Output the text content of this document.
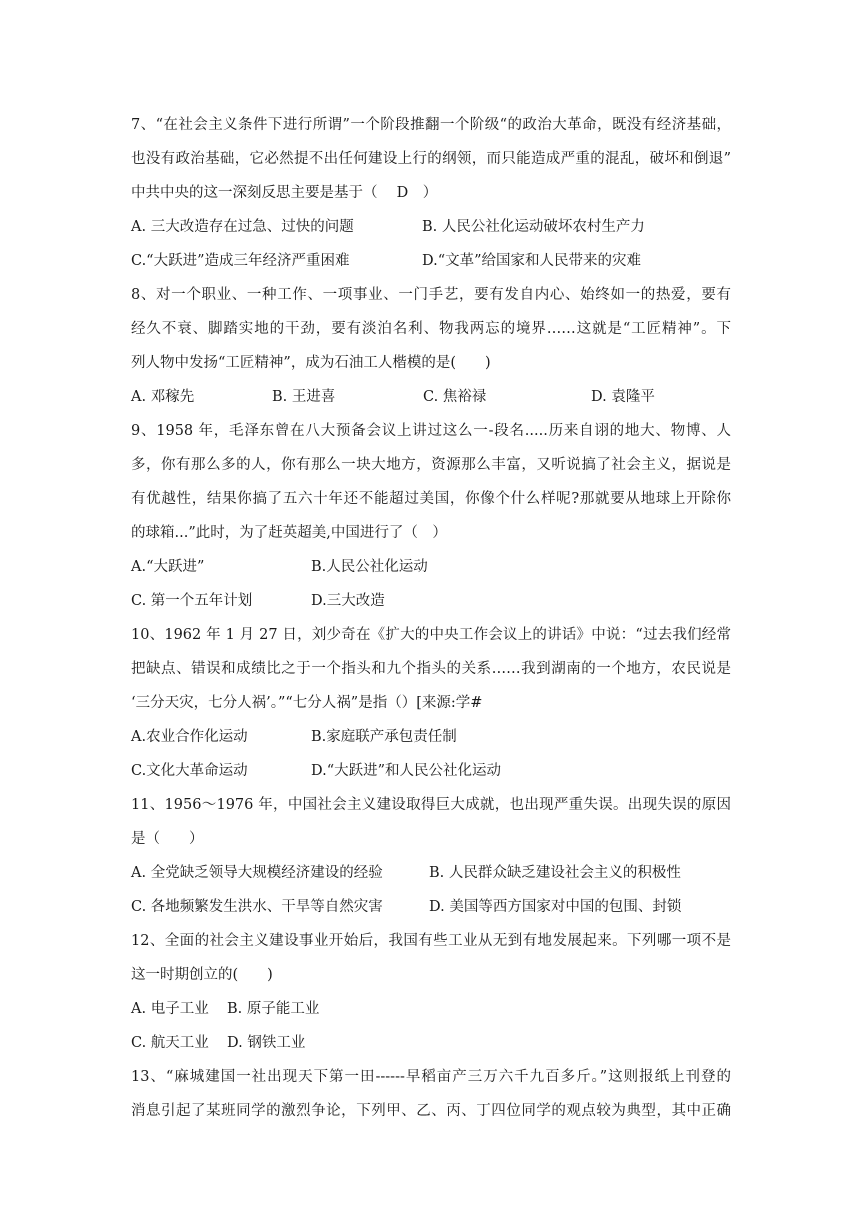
7、“在社会主义条件下进行所谓”一个阶段推翻一个阶级“的政治大革命，既没有经济基础，
也没有政治基础，它必然提不出任何建设上行的纲领，而只能造成严重的混乱，破坏和倒退”
中共中央的这一深刻反思主要是基于（　 D　）
A. 三大改造存在过急、过快的问题	B. 人民公社化运动破坏农村生产力
C.“大跃进”造成三年经济严重困难	D.“文革”给国家和人民带来的灾难
8、对一个职业、一种工作、一项事业、一门手艺，要有发自内心、始终如一的热爱，要有
经久不衰、脚踏实地的干劲，要有淡泊名利、物我两忘的境界……这就是“工匠精神”。下
列人物中发扬“工匠精神”，成为石油工人楷模的是(　　)
A. 邓稼先	B. 王进喜	C. 焦裕禄	D. 袁隆平
9、1958 年，毛泽东曾在八大预备会议上讲过这么一-段名.....历来自诩的地大、物博、人
多，你有那么多的人，你有那么一块大地方，资源那么丰富，又听说搞了社会主义，据说是
有优越性，结果你搞了五六十年还不能超过美国，你像个什么样呢?那就要从地球上开除你
的球箱...”此时，为了赶英超美,中国进行了（　）
A.“大跃进”	B.人民公社化运动
C. 第一个五年计划	D.三大改造
10、1962 年 1 月 27 日，刘少奇在《扩大的中央工作会议上的讲话》中说：“过去我们经常
把缺点、错误和成绩比之于一个指头和九个指头的关系……我到湖南的一个地方，农民说是
‘三分天灾，七分人祸’。”“七分人祸”是指（）[来源:学#
A.农业合作化运动	B.家庭联产承包责任制
C.文化大革命运动	D.“大跃进”和人民公社化运动
11、1956～1976 年，中国社会主义建设取得巨大成就，也出现严重失误。出现失误的原因
是（　　）
A. 全党缺乏领导大规模经济建设的经验	B. 人民群众缺乏建设社会主义的积极性
C. 各地频繁发生洪水、干旱等自然灾害	D. 美国等西方国家对中国的包围、封锁
12、全面的社会主义建设事业开始后，我国有些工业从无到有地发展起来。下列哪一项不是
这一时期创立的(　　)
A. 电子工业	B. 原子能工业
C. 航天工业	D. 钢铁工业
13、“麻城建国一社出现天下第一田------早稻亩产三万六千九百多斤。”这则报纸上刊登的
消息引起了某班同学的激烈争论，下列甲、乙、丙、丁四位同学的观点较为典型，其中正确
